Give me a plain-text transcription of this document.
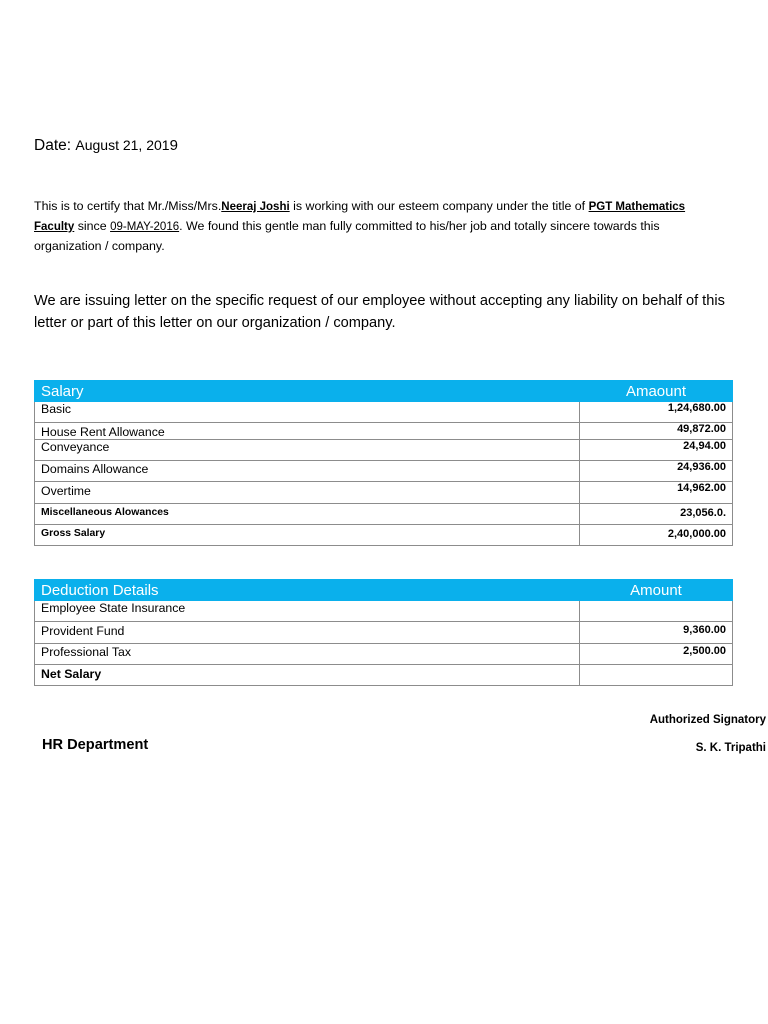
Date: August 21, 2019
This is to certify that Mr./Miss/Mrs.Neeraj Joshi is working with our esteem company under the title of PGT Mathematics Faculty since 09-MAY-2016. We found this gentle man fully committed to his/her job and totally sincere towards this organization / company.
We are issuing letter on the specific request of our employee without accepting any liability on behalf of this letter or part of this letter on our organization / company.
Salary	Amaount
Basic	1,24,680.00
House Rent Allowance	49,872.00
Conveyance	24,94.00
Domains Allowance	24,936.00
Overtime	14,962.00
Miscellaneous Alowances	23,056.0.
Gross Salary	2,40,000.00
Deduction Details	Amount
Employee State Insurance	
Provident Fund	9,360.00
Professional Tax	2,500.00
Net Salary	
HR Department
Authorized Signatory
S. K. Tripathi
